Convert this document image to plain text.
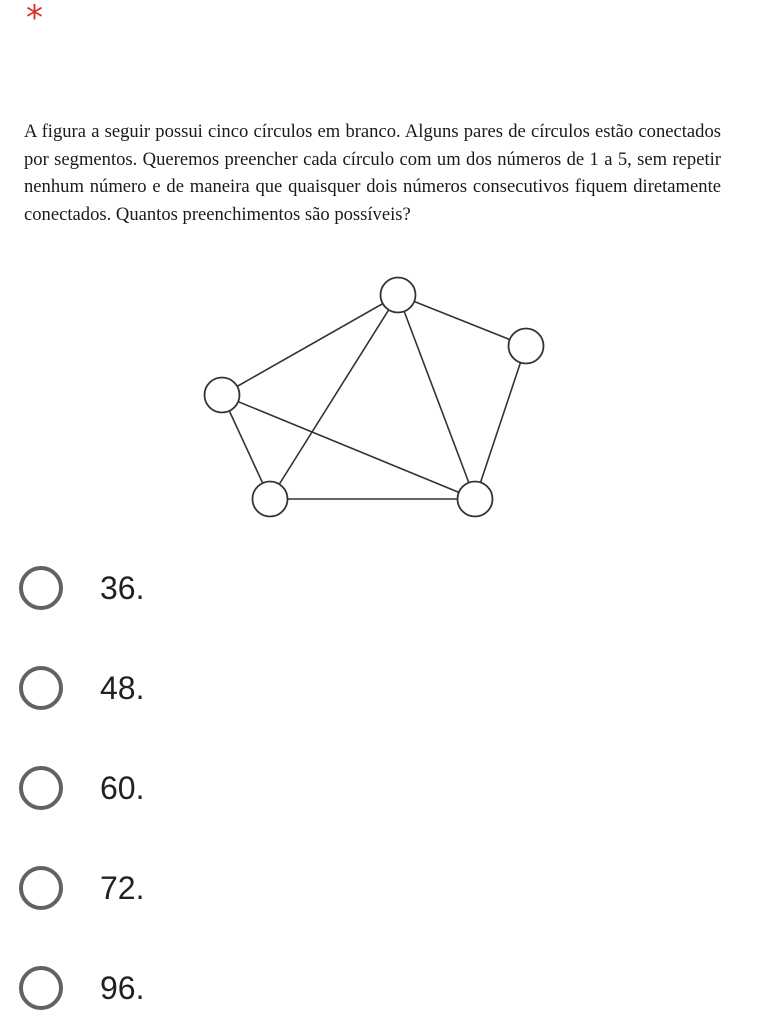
*

A figura a seguir possui cinco círculos em branco. Alguns pares de círculos estão conectados por segmentos. Queremos preencher cada círculo com um dos números de 1 a 5, sem repetir nenhum número e de maneira que quaisquer dois números consecutivos fiquem diretamente conectados. Quantos preenchimentos são possíveis?

36.
48.
60.
72.
96.
